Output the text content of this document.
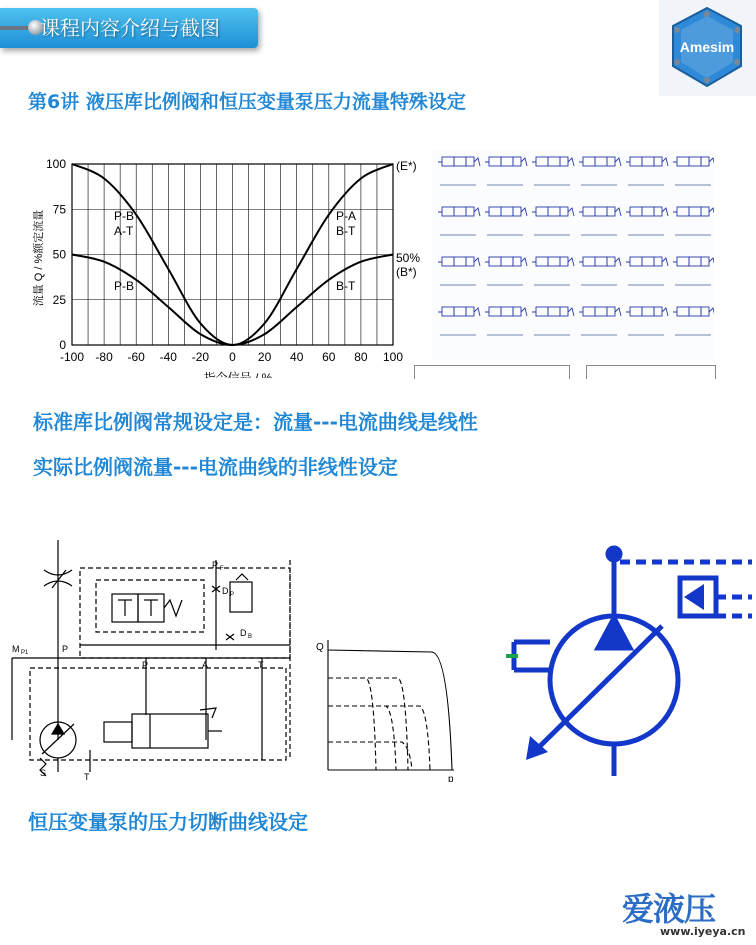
课程内容介绍与截图
Amesim
第6讲 液压库比例阀和恒压变量泵压力流量特殊设定
流量 Q / %额定流量
指令信号 / %
-100 -80 -60 -40 -20 0 20 40 60 80 100
0
25
50
75
100	(E*)
50%
(B*)
P-B
A-T
P-B
P-A
B-T
B-T
标准库比例阀常规设定是：流量---电流曲线是线性
实际比例阀流量---电流曲线的非线性设定
P F
D P
D B
M P1	P
P	A	T
S	T
Q
p
恒压变量泵的压力切断曲线设定
爱液压
www.iyeya.cn
